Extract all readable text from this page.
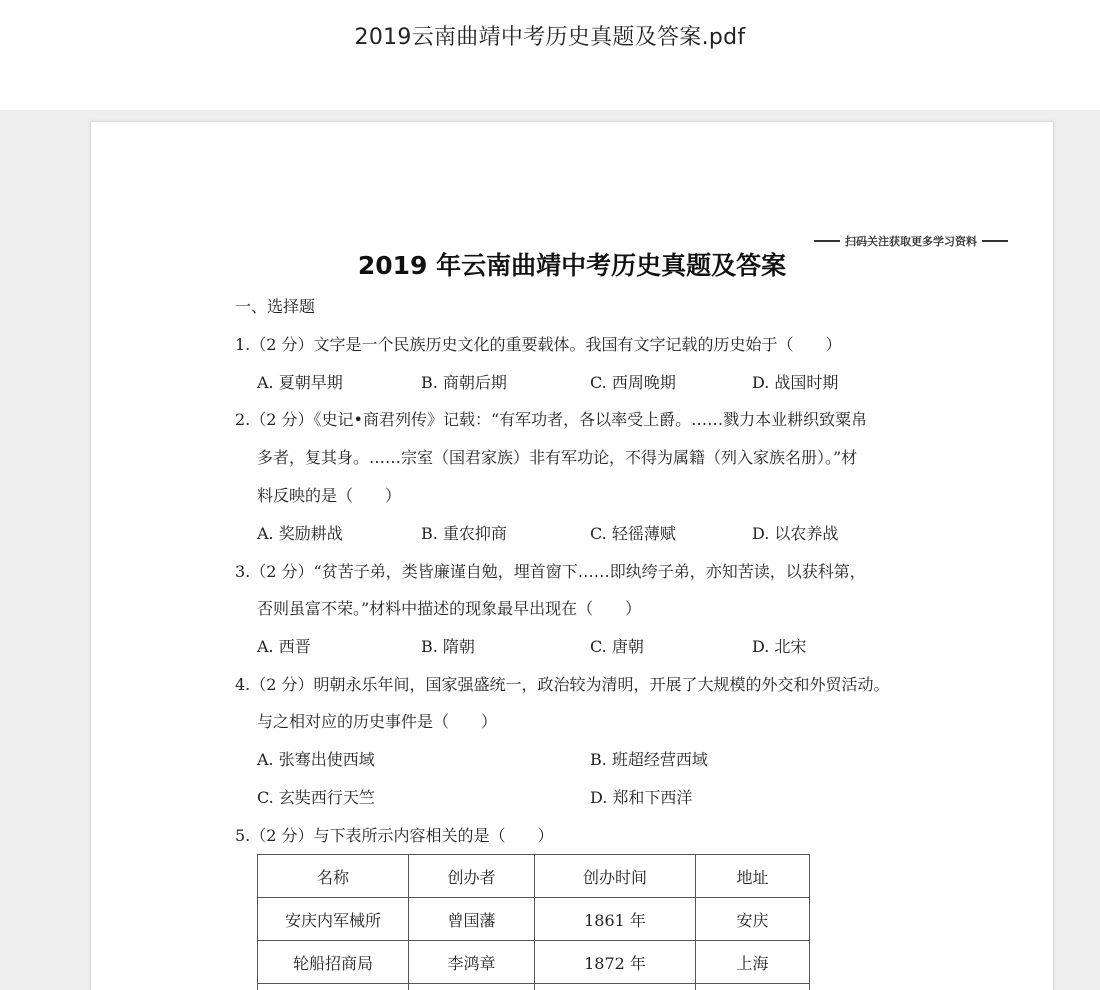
2019云南曲靖中考历史真题及答案.pdf
扫码关注获取更多学习资料
2019 年云南曲靖中考历史真题及答案
一、选择题
1.（2 分）文字是一个民族历史文化的重要载体。我国有文字记载的历史始于（　　）
A. 夏朝早期	B. 商朝后期	C. 西周晚期	D. 战国时期
2.（2 分）《史记•商君列传》记载：“有军功者，各以率受上爵。……戮力本业耕织致粟帛
多者，复其身。……宗室（国君家族）非有军功论，不得为属籍（列入家族名册）。”材
料反映的是（　　）
A. 奖励耕战	B. 重农抑商	C. 轻徭薄赋	D. 以农养战
3.（2 分）“贫苦子弟，类皆廉谨自勉，埋首窗下……即纨绔子弟，亦知苦读，以获科第，
否则虽富不荣。”材料中描述的现象最早出现在（　　）
A. 西晋	B. 隋朝	C. 唐朝	D. 北宋
4.（2 分）明朝永乐年间，国家强盛统一，政治较为清明，开展了大规模的外交和外贸活动。
与之相对应的历史事件是（　　）
A. 张骞出使西域	B. 班超经营西域
C. 玄奘西行天竺	D. 郑和下西洋
5.（2 分）与下表所示内容相关的是（　　）
名称	创办者	创办时间	地址
安庆内军械所	曾国藩	1861 年	安庆
轮船招商局	李鸿章	1872 年	上海
